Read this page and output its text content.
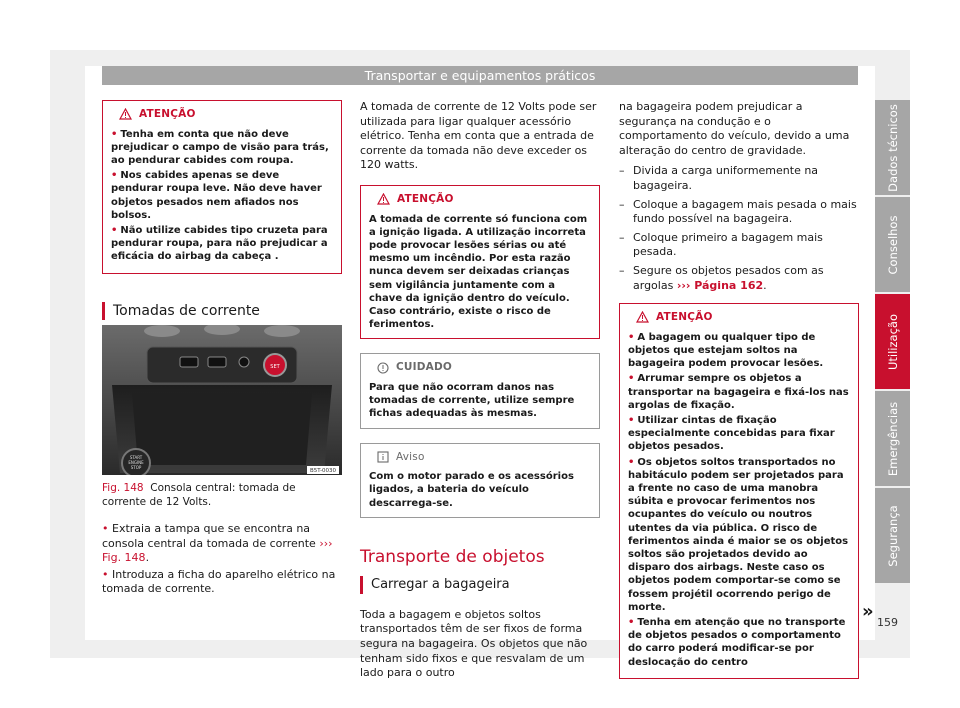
Transportar e equipamentos práticos
Dados técnicos
Conselhos
Utilização
Emergências
Segurança
ATENÇÃO
• Tenha em conta que não deve prejudicar o campo de visão para trás, ao pendurar cabides com roupa.
• Nos cabides apenas se deve pendurar roupa leve. Não deve haver objetos pesados nem afiados nos bolsos.
• Não utilize cabides tipo cruzeta para pendurar roupa, para não prejudicar a eficácia do airbag da cabeça .
Tomadas de corrente
SET
START
ENGINE
STOP
B5T-0030
Fig. 148 Consola central: tomada de corrente de 12 Volts.

• Extraia a tampa que se encontra na consola central da tomada de corrente ››› Fig. 148.

• Introduza a ficha do aparelho elétrico na tomada de corrente.

A tomada de corrente de 12 Volts pode ser utilizada para ligar qualquer acessório elétrico. Tenha em conta que a entrada de corrente da tomada não deve exceder os 120 watts.

ATENÇÃO

A tomada de corrente só funciona com a ignição ligada. A utilização incorreta pode provocar lesões sérias ou até mesmo um incêndio. Por esta razão nunca devem ser deixadas crianças sem vigilância juntamente com a chave da ignição dentro do veículo. Caso contrário, existe o risco de ferimentos.

CUIDADO

Para que não ocorram danos nas tomadas de corrente, utilize sempre fichas adequadas às mesmas.

Aviso

Com o motor parado e os acessórios ligados, a bateria do veículo descarrega-se.

Transporte de objetos
Carregar a bagageira

Toda a bagagem e objetos soltos transportados têm de ser fixos de forma segura na bagageira. Os objetos que não tenham sido fixos e que resvalam de um lado para o outro

na bagageira podem prejudicar a segurança na condução e o comportamento do veículo, devido a uma alteração do centro de gravidade.

– Divida a carga uniformemente na bagageira.
– Coloque a bagagem mais pesada o mais fundo possível na bagageira.
– Coloque primeiro a bagagem mais pesada.
– Segure os objetos pesados com as argolas ››› Página 162.
ATENÇÃO
• A bagagem ou qualquer tipo de objetos que estejam soltos na bagageira podem provocar lesões.
• Arrumar sempre os objetos a transportar na bagageira e fixá-los nas argolas de fixação.
• Utilizar cintas de fixação especialmente concebidas para fixar objetos pesados.
• Os objetos soltos transportados no habitáculo podem ser projetados para a frente no caso de uma manobra súbita e provocar ferimentos nos ocupantes do veículo ou noutros utentes da via pública. O risco de ferimentos ainda é maior se os objetos soltos são projetados devido ao disparo dos airbags. Neste caso os objetos podem comportar-se como se fossem projétil ocorrendo perigo de morte.
• Tenha em atenção que no transporte de objetos pesados o comportamento do carro poderá modificar-se por deslocação do centro
»
159
